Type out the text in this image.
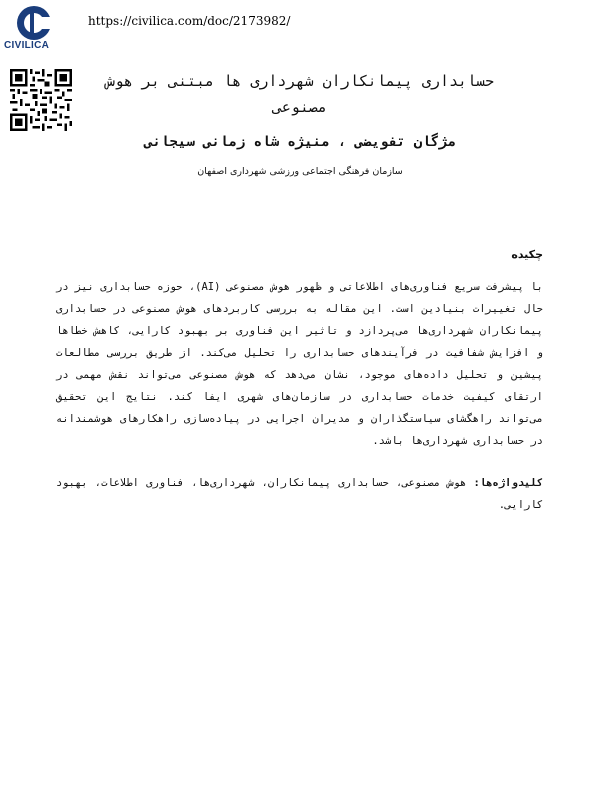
CIVILICA
https://civilica.com/doc/2173982/
حسابداری پیمانکاران شهرداری ها مبتنی بر هوش مصنوعی
مژگان تفویضی ، منیژه شاه زمانی سیجانی
سازمان فرهنگی اجتماعی ورزشی شهرداری اصفهان
چکیده

با پیشرفت سریع فناوری‌های اطلاعاتی و ظهور هوش مصنوعی (AI)، حوزه حسابداری نیز در حال تغییرات بنیادین است. این مقاله به بررسی کاربردهای هوش مصنوعی در حسابداری پیمانکاران شهرداری‌ها می‌پردازد و تاثیر این فناوری بر بهبود کارایی، کاهش خطاها و افزایش شفافیت در فرآیندهای حسابداری را تحلیل می‌کند. از طریق بررسی مطالعات پیشین و تحلیل داده‌های موجود، نشان می‌دهد که هوش مصنوعی می‌تواند نقش مهمی در ارتقای کیفیت خدمات حسابداری در سازمان‌های شهری ایفا کند. نتایج این تحقیق می‌تواند راهگشای سیاستگذاران و مدیران اجرایی در پیاده‌سازی راهکارهای هوشمندانه در حسابداری شهرداری‌ها باشد.

کلیدواژه‌ها: هوش مصنوعی، حسابداری پیمانکاران، شهرداری‌ها، فناوری اطلاعات، بهبود کارایی.
